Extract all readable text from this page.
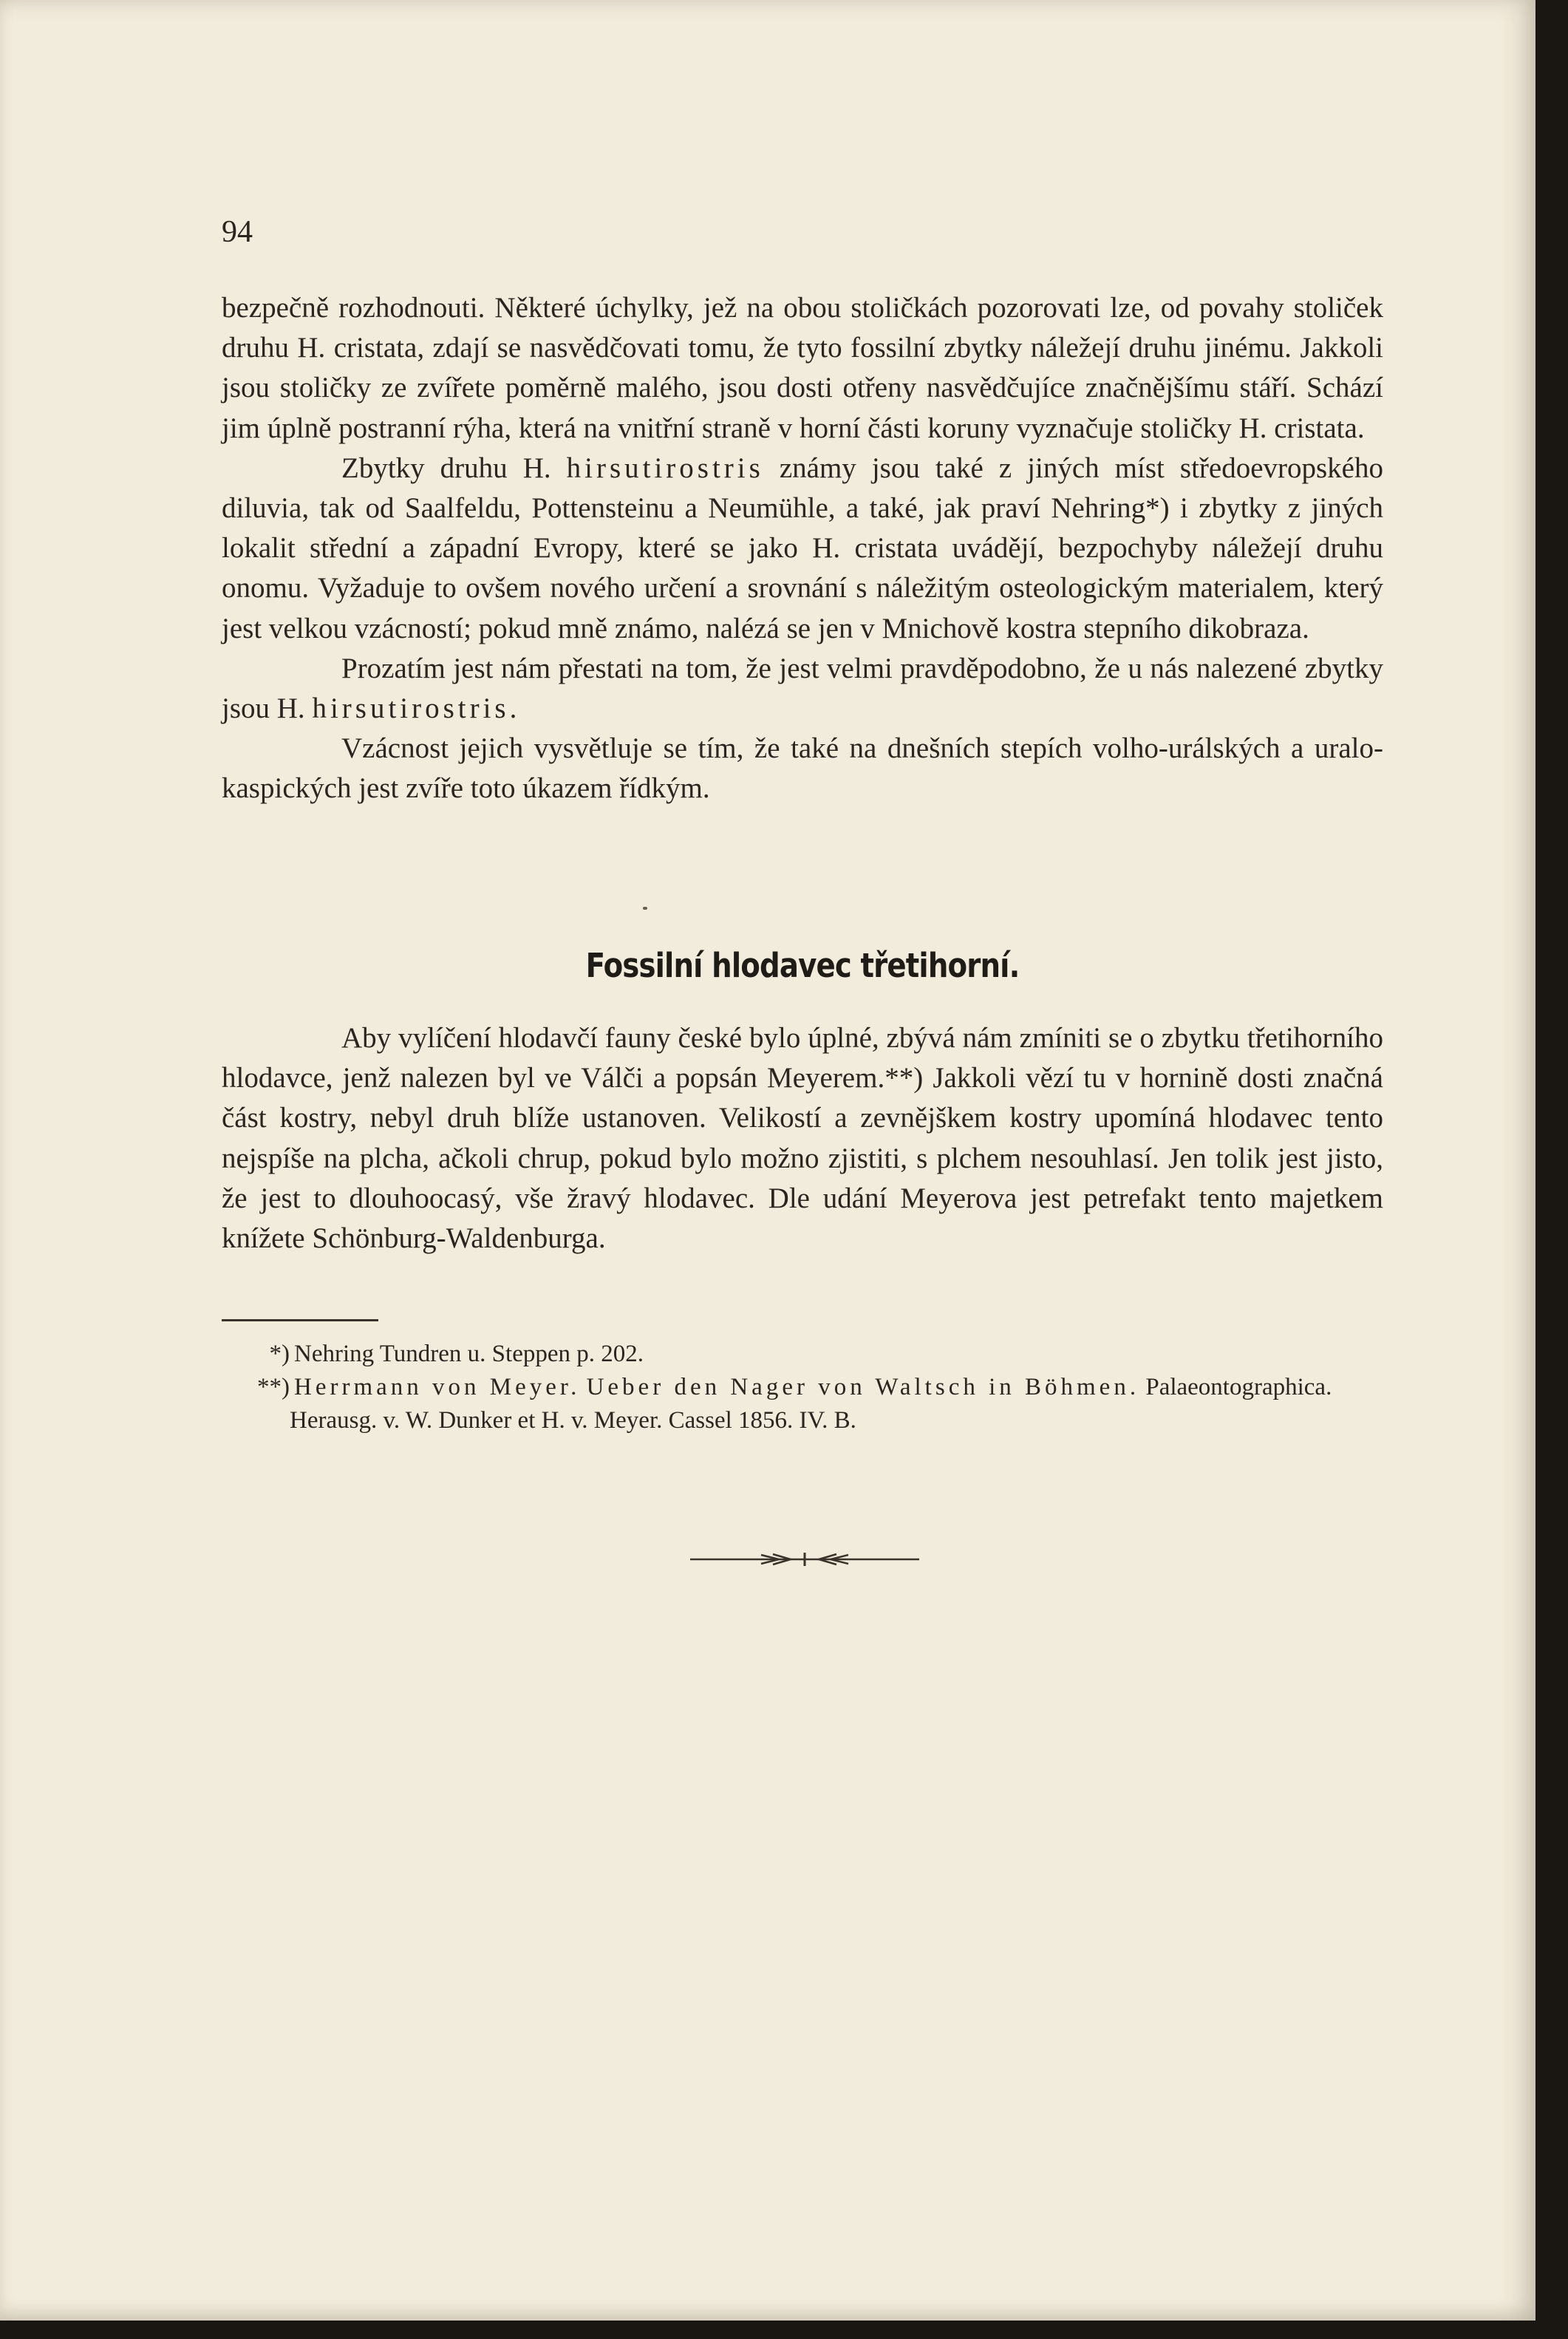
94

bezpečně rozhodnouti. Některé úchylky, jež na obou stoličkách pozorovati lze, od povahy stoliček druhu H. cristata, zdají se nasvědčovati tomu, že tyto fossilní zbytky náležejí druhu jinému. Jakkoli jsou stoličky ze zvířete poměrně malého, jsou dosti otřeny nasvědčujíce značnějšímu stáří. Schází jim úplně postranní rýha, která na vnitřní straně v horní části koruny vyznačuje stoličky H. cristata.

Zbytky druhu H. hirsutirostris známy jsou také z jiných míst středoevropského diluvia, tak od Saalfeldu, Pottensteinu a Neumühle, a také, jak praví Nehring*) i zbytky z jiných lokalit střední a západní Evropy, které se jako H. cristata uvádějí, bezpochyby náležejí druhu onomu. Vyžaduje to ovšem nového určení a srovnání s náležitým osteologickým materialem, který jest velkou vzácností; pokud mně známo, nalézá se jen v Mnichově kostra stepního dikobraza.

Prozatím jest nám přestati na tom, že jest velmi pravděpodobno, že u nás nalezené zbytky jsou H. hirsutirostris.

Vzácnost jejich vysvětluje se tím, že také na dnešních stepích volho-urálských a uralo-kaspických jest zvíře toto úkazem řídkým.

Fossilní hlodavec třetihorní.

Aby vylíčení hlodavčí fauny české bylo úplné, zbývá nám zmíniti se o zbytku třetihorního hlodavce, jenž nalezen byl ve Válči a popsán Meyerem.**) Jakkoli vězí tu v hornině dosti značná část kostry, nebyl druh blíže ustanoven. Velikostí a zevnějškem kostry upomíná hlodavec tento nejspíše na plcha, ačkoli chrup, pokud bylo možno zjistiti, s plchem nesouhlasí. Jen tolik jest jisto, že jest to dlouhoocasý, vše žravý hlodavec. Dle udání Meyerova jest petrefakt tento majetkem knížete Schönburg-Waldenburga.

*) Nehring Tundren u. Steppen p. 202.

**) Herrmann von Meyer. Ueber den Nager von Waltsch in Böhmen. Palaeontographica. Herausg. v. W. Dunker et H. v. Meyer. Cassel 1856. IV. B.
